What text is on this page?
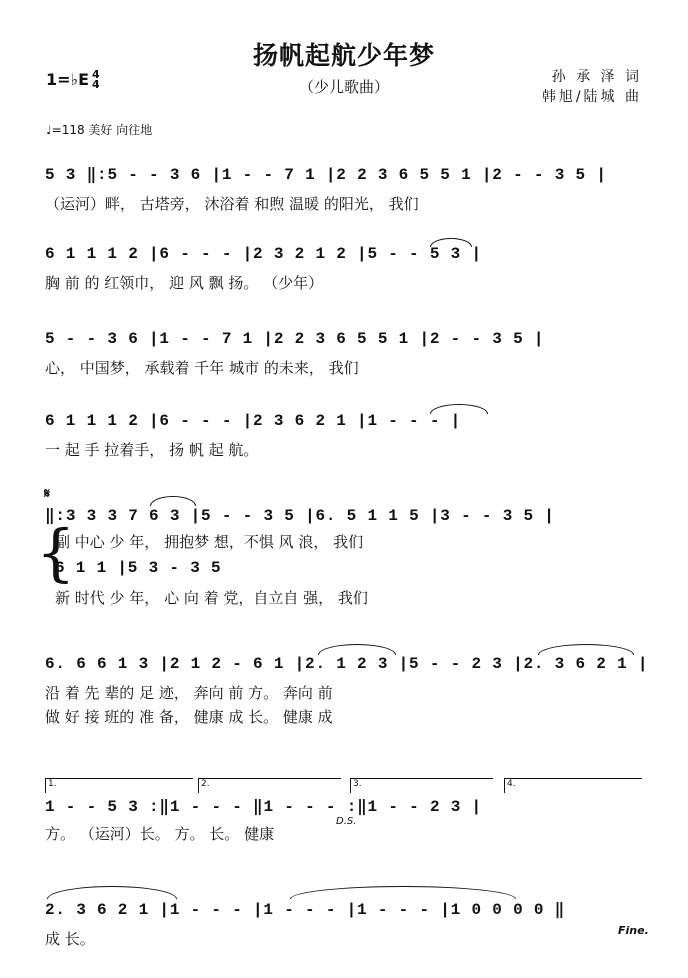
扬帆起航少年梦
（少儿歌曲）
孙 承 泽 词
韩旭/陆城 曲
1=♭E 4
4
♩=118 美好 向往地
5 3 ‖:5 - - 3 6 |1 - - 7 1 |2 2 3 6 5 5 1 |2 - - 3 5 |
（运河）畔， 古塔旁， 沐浴着 和煦 温暖 的阳光， 我们
6 1 1 1 2 |6 - - - |2 3 2 1 2 |5 - - 5 3 |
胸 前 的 红领巾， 迎 风 飘 扬。 （少年）
5 - - 3 6 |1 - - 7 1 |2 2 3 6 5 5 1 |2 - - 3 5 |
心， 中国梦， 承载着 千年 城市 的未来， 我们
6 1 1 1 2 |6 - - - |2 3 6 2 1 |1 - - - |
一 起 手 拉着手， 扬 帆 起 航。
𝄋
‖:3 3 3 7 6 3 |5 - - 3 5 |6. 5 1 1 5 |3 - - 3 5 |
{
副 中心 少 年， 拥抱梦 想，不惧 风 浪， 我们
6 1 1 |5 3 - 3 5
新 时代 少 年， 心 向 着 党，自立自 强， 我们
6. 6 6 1 3 |2 1 2 - 6 1 |2. 1 2 3 |5 - - 2 3 |2. 3 6 2 1 |
沿 着 先 辈的 足 迹， 奔向 前 方。 奔向 前
做 好 接 班的 准 备， 健康 成 长。 健康 成
1.	2.	3.	4.
1 - - 5 3 :‖1 - - - ‖1 - - - :‖1 - - 2 3 |
D.S.
方。 （运河）长。 方。 长。 健康
2. 3 6 2 1 |1 - - - |1 - - - |1 - - - |1 0 0 0 0 ‖
成 长。	Fine.
